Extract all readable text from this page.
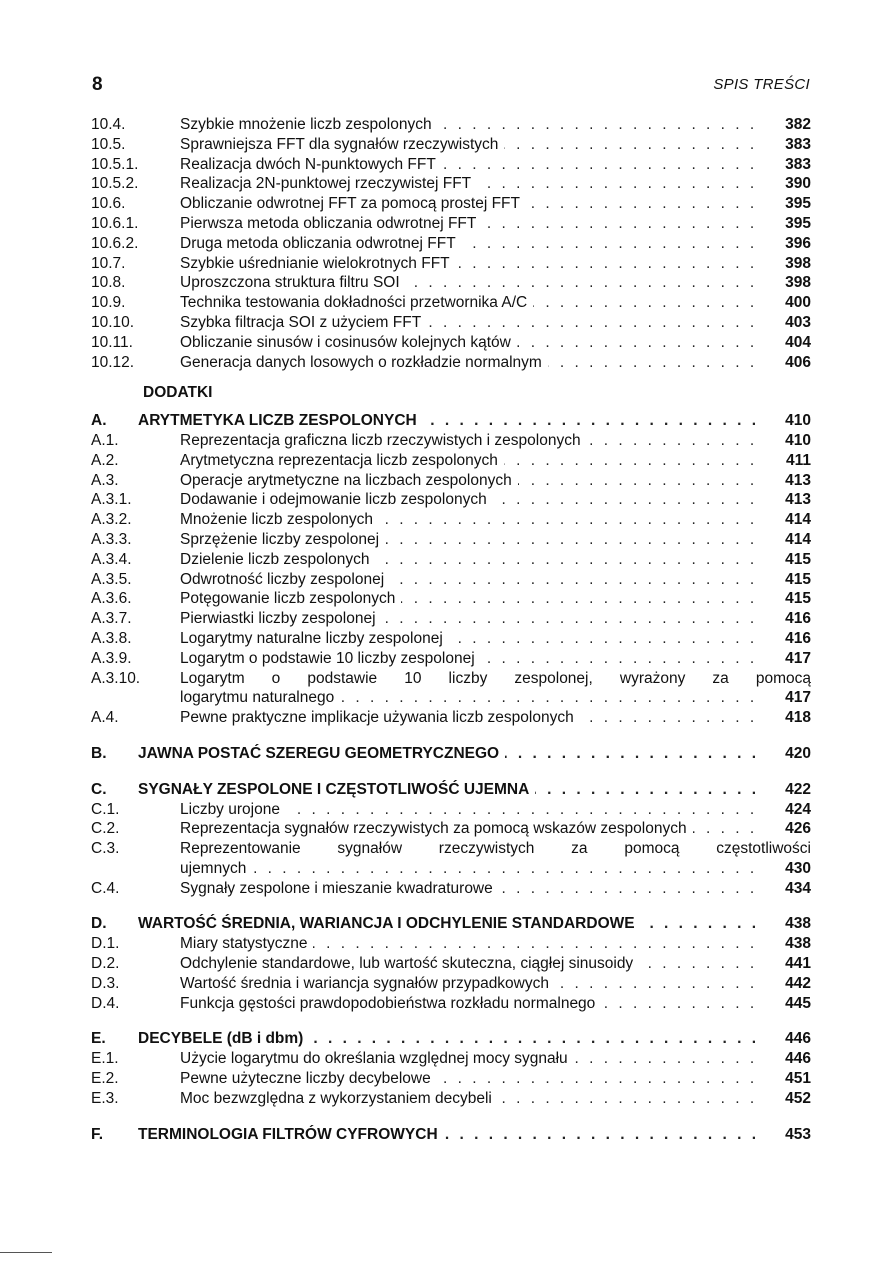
8	SPIS TREŚCI
10.4.	Szybkie mnożenie liczb zespolonych . . .	382
10.5.	Sprawniejsza FFT dla sygnałów rzeczywistych . . .	383
10.5.1.	Realizacja dwóch N-punktowych FFT . . .	383
10.5.2.	Realizacja 2N-punktowej rzeczywistej FFT . . .	390
10.6.	Obliczanie odwrotnej FFT za pomocą prostej FFT . . .	395
10.6.1.	Pierwsza metoda obliczania odwrotnej FFT . . .	395
10.6.2.	Druga metoda obliczania odwrotnej FFT . . .	396
10.7.	Szybkie uśrednianie wielokrotnych FFT . . .	398
10.8.	Uproszczona struktura filtru SOI . . .	398
10.9.	Technika testowania dokładności przetwornika A/C . . .	400
10.10.	Szybka filtracja SOI z użyciem FFT . . .	403
10.11.	Obliczanie sinusów i cosinusów kolejnych kątów . . .	404
10.12.	Generacja danych losowych o rozkładzie normalnym . . .	406
DODATKI
A. ARYTMETYKA LICZB ZESPOLONYCH . . .	410
A.1.	Reprezentacja graficzna liczb rzeczywistych i zespolonych . . .	410
A.2.	Arytmetyczna reprezentacja liczb zespolonych . . .	411
A.3.	Operacje arytmetyczne na liczbach zespolonych . . .	413
A.3.1.	Dodawanie i odejmowanie liczb zespolonych . . .	413
A.3.2.	Mnożenie liczb zespolonych . . .	414
A.3.3.	Sprzężenie liczby zespolonej . . .	414
A.3.4.	Dzielenie liczb zespolonych . . .	415
A.3.5.	Odwrotność liczby zespolonej . . .	415
A.3.6.	Potęgowanie liczb zespolonych . . .	415
A.3.7.	Pierwiastki liczby zespolonej . . .	416
A.3.8.	Logarytmy naturalne liczby zespolonej . . .	416
A.3.9.	Logarytm o podstawie 10 liczby zespolonej . . .	417
A.3.10.	Logarytm o podstawie 10 liczby zespolonej, wyrażony za pomocą
logarytmu naturalnego . . .	417
A.4.	Pewne praktyczne implikacje używania liczb zespolonych . . .	418
B. JAWNA POSTAĆ SZEREGU GEOMETRYCZNEGO . . .	420
C. SYGNAŁY ZESPOLONE I CZĘSTOTLIWOŚĆ UJEMNA . . .	422
C.1.	Liczby urojone . . .	424
C.2.	Reprezentacja sygnałów rzeczywistych za pomocą wskazów zespolonych . . .	426
C.3.	Reprezentowanie sygnałów rzeczywistych za pomocą częstotliwości
ujemnych . . .	430
C.4.	Sygnały zespolone i mieszanie kwadraturowe . . .	434
D. WARTOŚĆ ŚREDNIA, WARIANCJA I ODCHYLENIE STANDARDOWE . . .	438
D.1.	Miary statystyczne . . .	438
D.2.	Odchylenie standardowe, lub wartość skuteczna, ciągłej sinusoidy . . .	441
D.3.	Wartość średnia i wariancja sygnałów przypadkowych . . .	442
D.4.	Funkcja gęstości prawdopodobieństwa rozkładu normalnego . . .	445
E. DECYBELE (dB i dbm) . . .	446
E.1.	Użycie logarytmu do określania względnej mocy sygnału . . .	446
E.2.	Pewne użyteczne liczby decybelowe . . .	451
E.3.	Moc bezwzględna z wykorzystaniem decybeli . . .	452
F. TERMINOLOGIA FILTRÓW CYFROWYCH . . .	453
